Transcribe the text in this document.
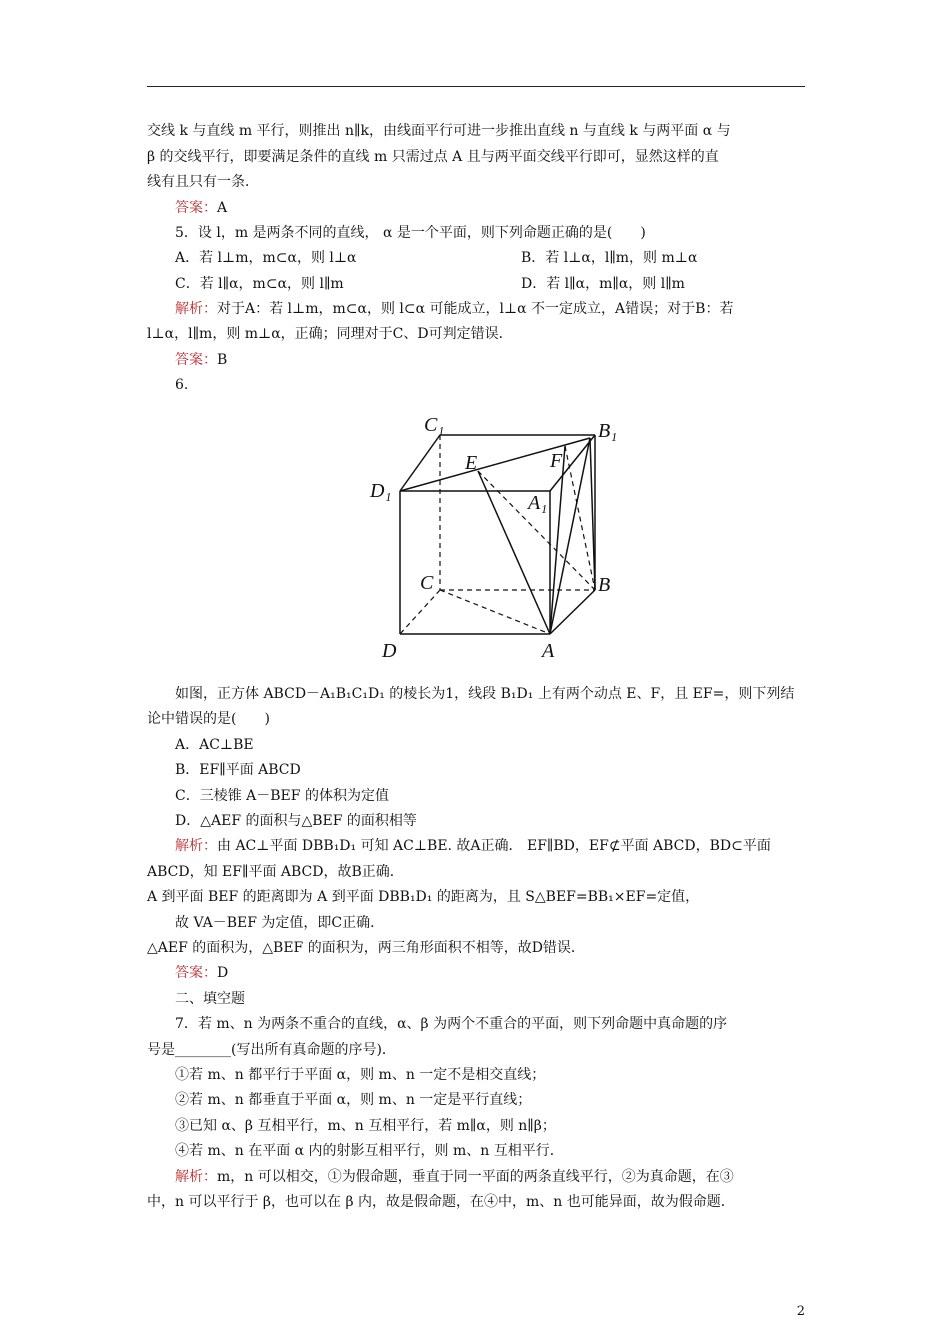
交线 k 与直线 m 平行，则推出 n∥k，由线面平行可进一步推出直线 n 与直线 k 与两平面 α 与
β 的交线平行，即要满足条件的直线 m 只需过点 A 且与两平面交线平行即可，显然这样的直
线有且只有一条．
答案：A
5．设 l，m 是两条不同的直线， α 是一个平面，则下列命题正确的是(　　)
A．若 l⊥m，m⊂α，则 l⊥α	B．若 l⊥α，l∥m，则 m⊥α
C．若 l∥α，m⊂α，则 l∥m	D．若 l∥α，m∥α，则 l∥m
解析：对于A：若 l⊥m，m⊂α，则 l⊂α 可能成立，l⊥α 不一定成立，A错误；对于B：若
l⊥α，l∥m，则 m⊥α，正确；同理对于C、D可判定错误．
答案：B
6.
如图，正方体 ABCD－A₁B₁C₁D₁ 的棱长为1，线段 B₁D₁ 上有两个动点 E、F，且 EF=，则下列结
论中错误的是(　　)
A．AC⊥BE
B．EF∥平面 ABCD
C．三棱锥 A－BEF 的体积为定值
D．△AEF 的面积与△BEF 的面积相等
解析：由 AC⊥平面 DBB₁D₁ 可知 AC⊥BE. 故A正确． EF∥BD，EF⊄平面 ABCD，BD⊂平面
ABCD，知 EF∥平面 ABCD，故B正确．
A 到平面 BEF 的距离即为 A 到平面 DBB₁D₁ 的距离为，且 S△BEF=BB₁×EF=定值，
故 VA－BEF 为定值，即C正确．
△AEF 的面积为，△BEF 的面积为，两三角形面积不相等，故D错误．
答案：D
二、填空题
7．若 m、n 为两条不重合的直线，α、β 为两个不重合的平面，则下列命题中真命题的序
号是________(写出所有真命题的序号)．
①若 m、n 都平行于平面 α，则 m、n 一定不是相交直线；
②若 m、n 都垂直于平面 α，则 m、n 一定是平行直线；
③已知 α、β 互相平行，m、n 互相平行，若 m∥α，则 n∥β；
④若 m、n 在平面 α 内的射影互相平行，则 m、n 互相平行．
解析：m，n 可以相交，①为假命题，垂直于同一平面的两条直线平行，②为真命题，在③
中，n 可以平行于 β，也可以在 β 内，故是假命题，在④中，m、n 也可能异面，故为假命题．
C₁	B₁
E	F
D₁
A₁
C	B
D	A
2
